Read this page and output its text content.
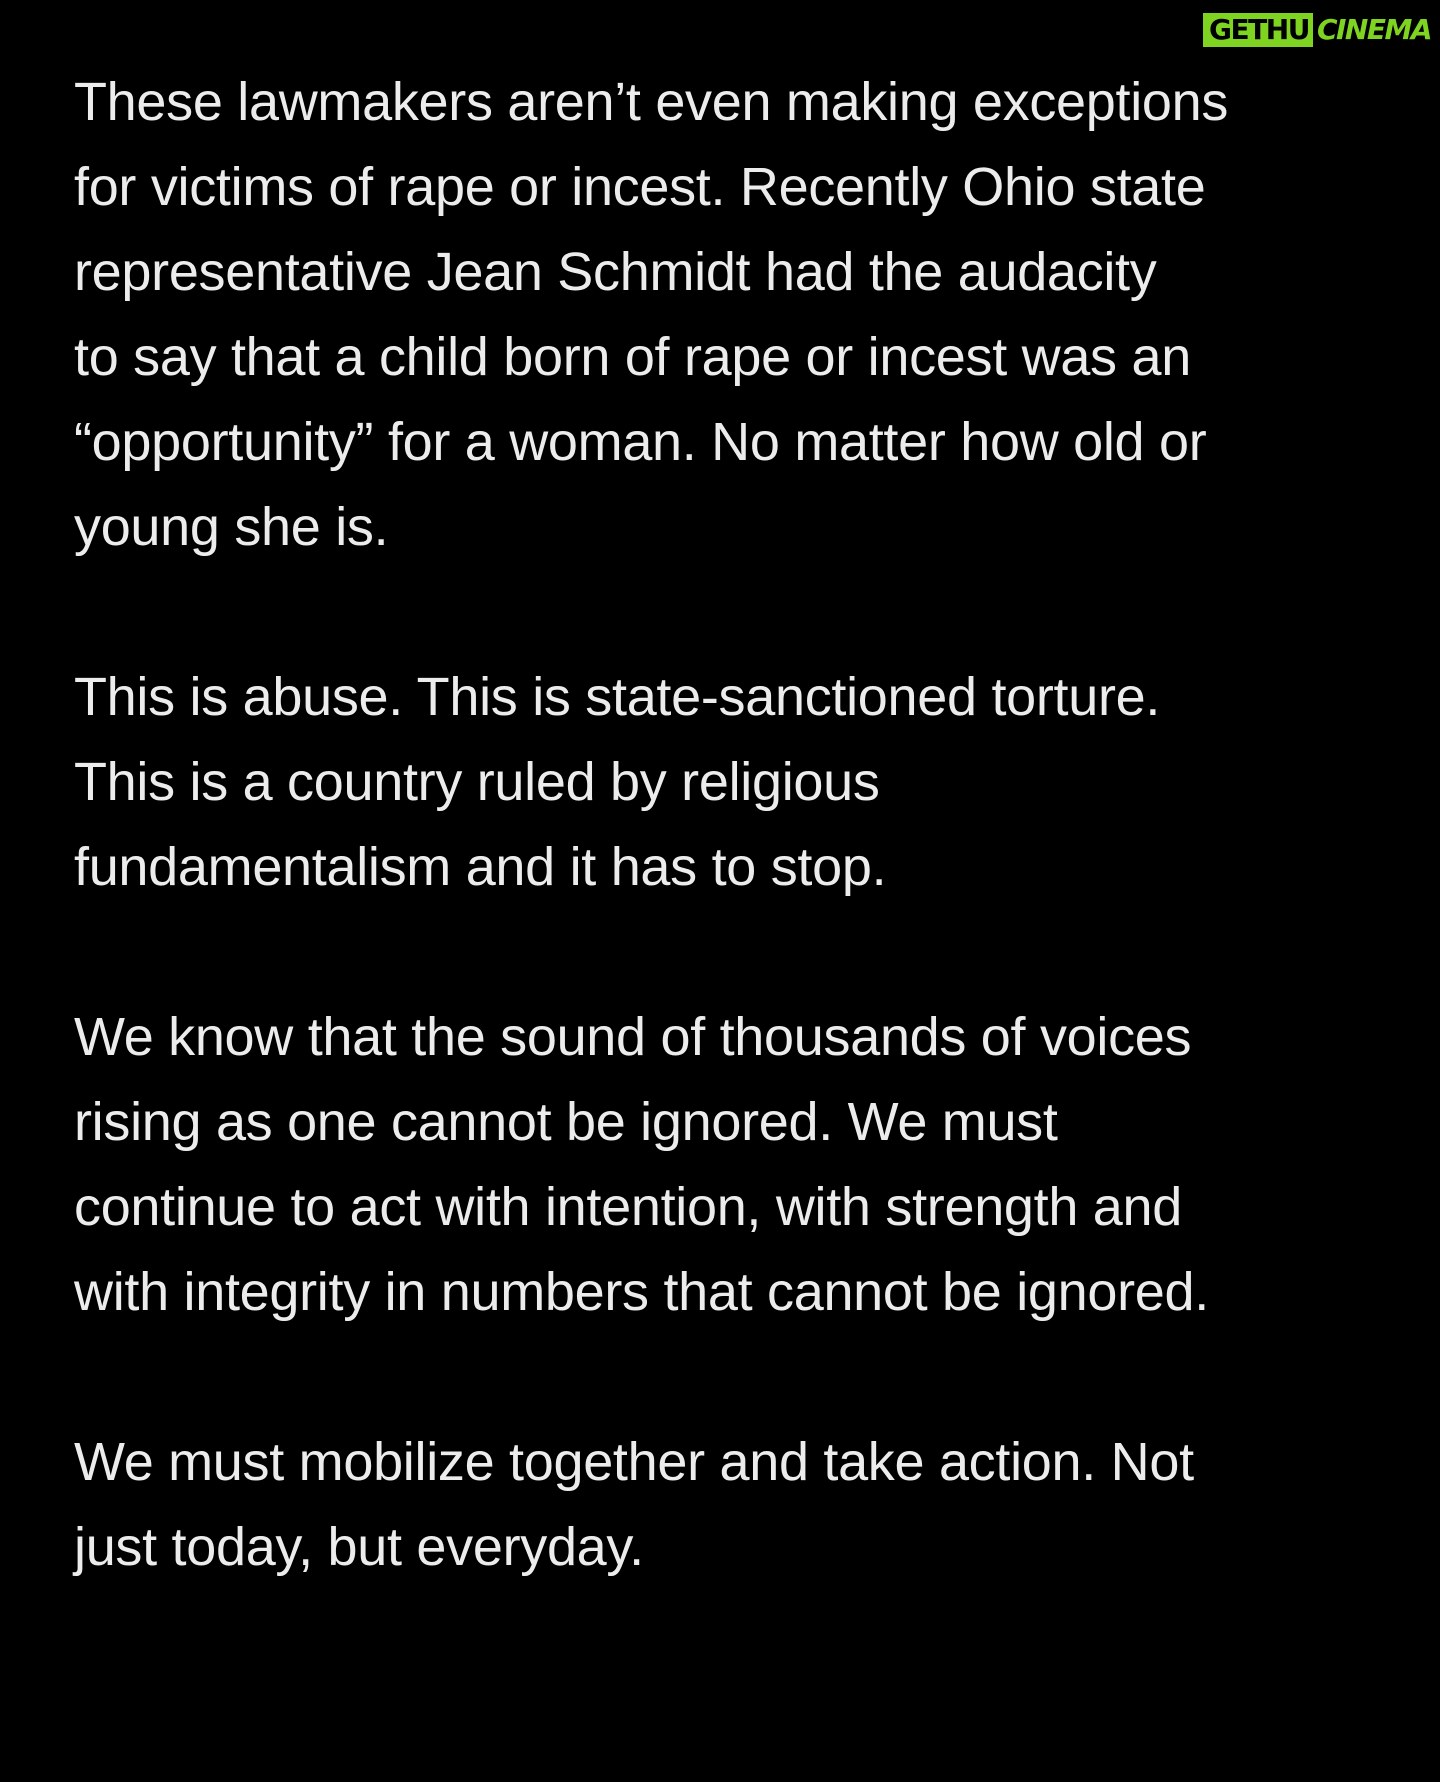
GETHU CINEMA
These lawmakers aren’t even making exceptions
for victims of rape or incest. Recently Ohio state
representative Jean Schmidt had the audacity
to say that a child born of rape or incest was an
“opportunity” for a woman. No matter how old or
young she is.
This is abuse. This is state-sanctioned torture.
This is a country ruled by religious
fundamentalism and it has to stop.
We know that the sound of thousands of voices
rising as one cannot be ignored. We must
continue to act with intention, with strength and
with integrity in numbers that cannot be ignored.
We must mobilize together and take action. Not
just today, but everyday.
